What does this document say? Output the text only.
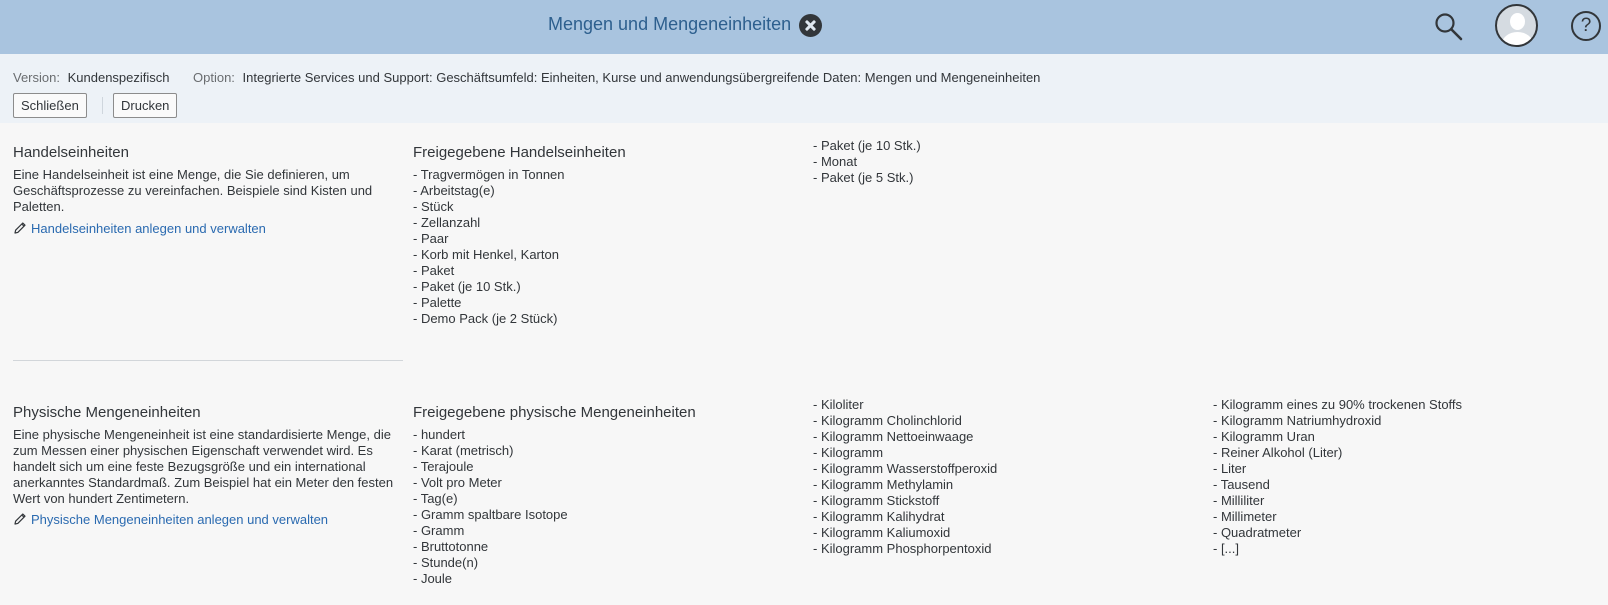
Mengen und Mengeneinheiten	?
Version: Kundenspezifisch Option: Integrierte Services und Support: Geschäftsumfeld: Einheiten, Kurse und anwendungsübergreifende Daten: Mengen und Mengeneinheiten
Schließen	Drucken
Handelseinheiten
Eine Handelseinheit ist eine Menge, die Sie definieren, um Geschäftsprozesse zu vereinfachen. Beispiele sind Kisten und Paletten.
Handelseinheiten anlegen und verwalten
Freigegebene Handelseinheiten
- Tragvermögen in Tonnen
- Arbeitstag(e)
- Stück
- Zellanzahl
- Paar
- Korb mit Henkel, Karton
- Paket
- Paket (je 10 Stk.)
- Palette
- Demo Pack (je 2 Stück)
- Paket (je 10 Stk.)
- Monat
- Paket (je 5 Stk.)
Physische Mengeneinheiten
Eine physische Mengeneinheit ist eine standardisierte Menge, die zum Messen einer physischen Eigenschaft verwendet wird. Es handelt sich um eine feste Bezugsgröße und ein international anerkanntes Standardmaß. Zum Beispiel hat ein Meter den festen Wert von hundert Zentimetern.
Physische Mengeneinheiten anlegen und verwalten
Freigegebene physische Mengeneinheiten
- hundert
- Karat (metrisch)
- Terajoule
- Volt pro Meter
- Tag(e)
- Gramm spaltbare Isotope
- Gramm
- Bruttotonne
- Stunde(n)
- Joule
- Kiloliter
- Kilogramm Cholinchlorid
- Kilogramm Nettoeinwaage
- Kilogramm
- Kilogramm Wasserstoffperoxid
- Kilogramm Methylamin
- Kilogramm Stickstoff
- Kilogramm Kalihydrat
- Kilogramm Kaliumoxid
- Kilogramm Phosphorpentoxid
- Kilogramm eines zu 90% trockenen Stoffs
- Kilogramm Natriumhydroxid
- Kilogramm Uran
- Reiner Alkohol (Liter)
- Liter
- Tausend
- Milliliter
- Millimeter
- Quadratmeter
- [...]
